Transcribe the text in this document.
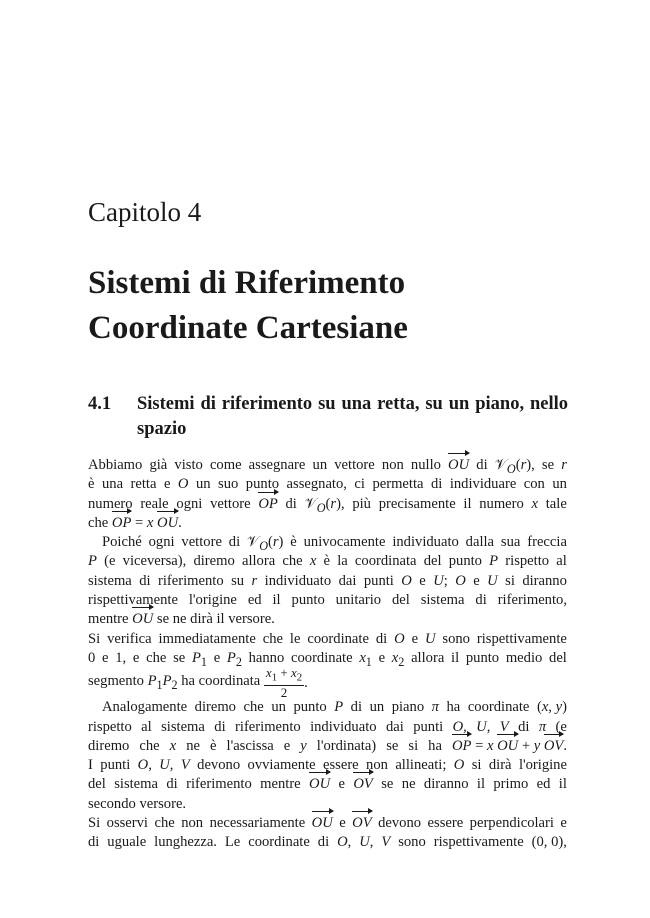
Capitolo 4
Sistemi di Riferimento
Coordinate Cartesiane
4.1 Sistemi di riferimento su una retta, su un piano, nello spazio
Abbiamo già visto come assegnare un vettore non nullo OU di 𝒱$_O$(r), se r
è una retta e O un suo punto assegnato, ci permetta di individuare con un
numero reale ogni vettore OP di 𝒱$_O$(r), più precisamente il numero x tale
che OP
= x OU
.
Poiché ogni vettore di 𝒱$_O$(r) è univocamente individuato dalla sua freccia
P (e viceversa), diremo allora che x è la coordinata del punto P rispetto al
sistema di riferimento su r individuato dai punti O e U; O e U si diranno
rispettivamente l'origine ed il punto unitario del sistema di riferimento,
mentre OU
se ne dirà il versore.
Si verifica immediatamente che le coordinate di O e U sono rispettivamente
0 e 1, e che se $P_1$ e $P_2$ hanno coordinate $x_1$ e $x_2$ allora il punto medio del
segmento $P_1P_2$ ha coordinata $x_1 + x_2$
2
.
Analogamente diremo che un punto P di un piano π ha coordinate (x, y)
rispetto al sistema di riferimento individuato dai punti O, U, V di π (e
diremo che x ne è l'ascissa e y l'ordinata) se si ha OP
= x OU
+ y OV
.
I punti O, U, V devono ovviamente essere non allineati; O si dirà l'origine
del sistema di riferimento mentre OU e OV se ne diranno il primo ed il
secondo versore.
Si osservi che non necessariamente OU e OV devono essere perpendicolari e
di uguale lunghezza. Le coordinate di O, U, V sono rispettivamente (0, 0),
